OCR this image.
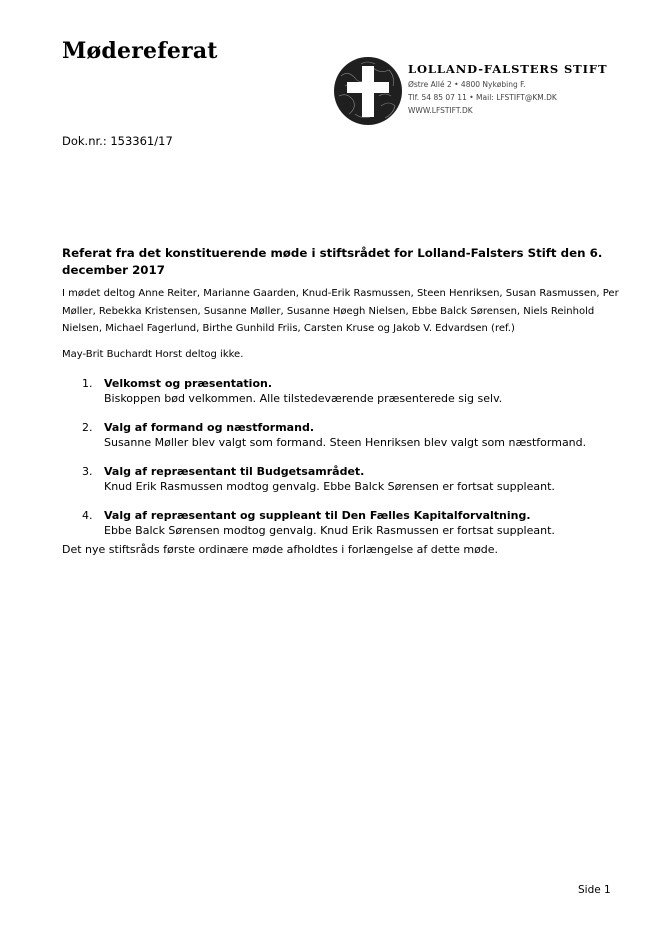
Mødereferat
LOLLAND-FALSTERS STIFT
Østre Allé 2 • 4800 Nykøbing F.
Tlf. 54 85 07 11 • Mail: LFSTIFT@KM.DK
WWW.LFSTIFT.DK
Dok.nr.: 153361/17
Referat fra det konstituerende møde i stiftsrådet for Lolland-Falsters Stift den 6. december 2017
I mødet deltog Anne Reiter, Marianne Gaarden, Knud-Erik Rasmussen, Steen Henriksen, Susan Rasmussen, Per Møller, Rebekka Kristensen, Susanne Møller, Susanne Høegh Nielsen, Ebbe Balck Sørensen, Niels Reinhold Nielsen, Michael Fagerlund, Birthe Gunhild Friis, Carsten Kruse og Jakob V. Edvardsen (ref.)
May-Brit Buchardt Horst deltog ikke.
1.	Velkomst og præsentation.
Biskoppen bød velkommen. Alle tilstedeværende præsenterede sig selv.
2.	Valg af formand og næstformand.
Susanne Møller blev valgt som formand. Steen Henriksen blev valgt som næstformand.
3.	Valg af repræsentant til Budgetsamrådet.
Knud Erik Rasmussen modtog genvalg. Ebbe Balck Sørensen er fortsat suppleant.
4.	Valg af repræsentant og suppleant til Den Fælles Kapitalforvaltning.
Ebbe Balck Sørensen modtog genvalg. Knud Erik Rasmussen er fortsat suppleant.
Det nye stiftsråds første ordinære møde afholdtes i forlængelse af dette møde.
Side 1
